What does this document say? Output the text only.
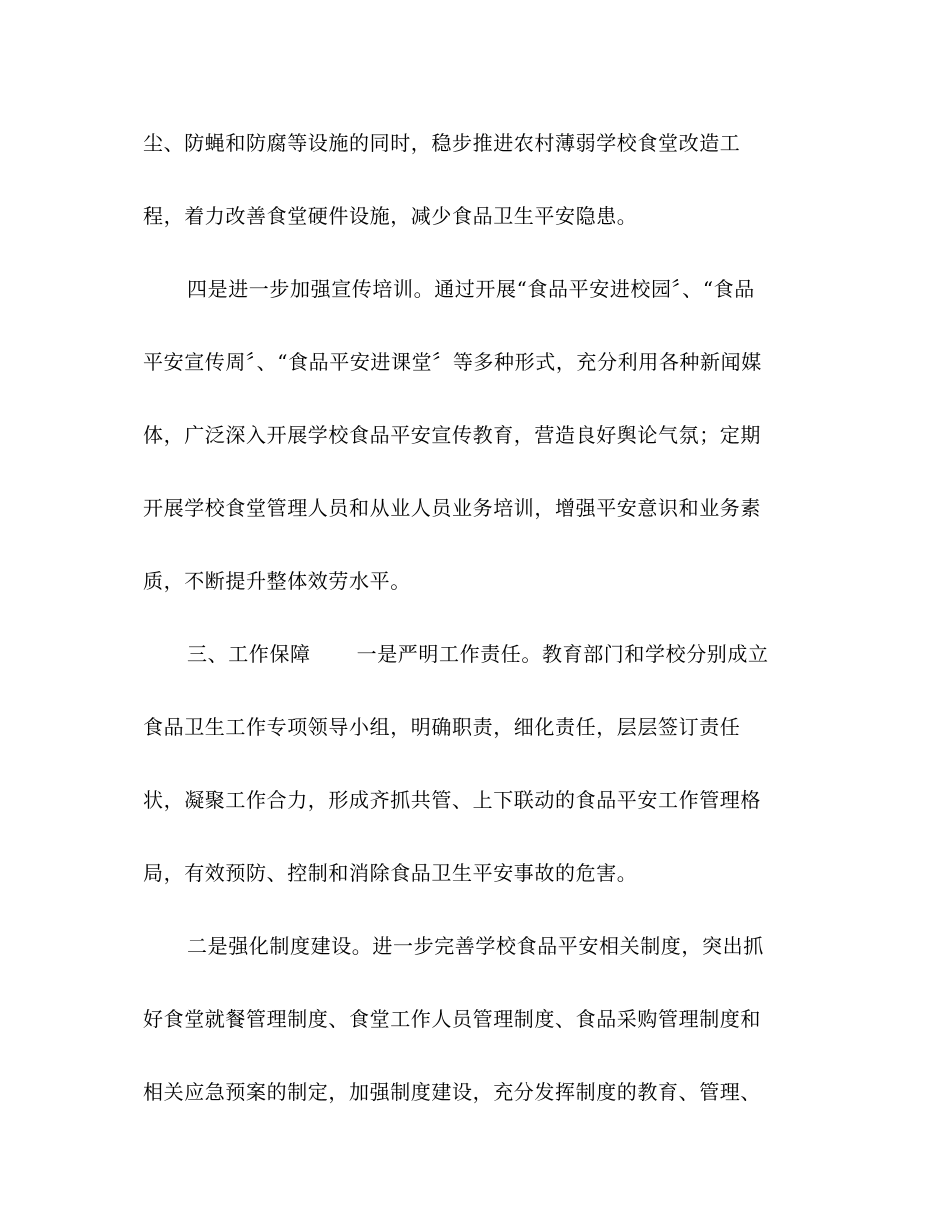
尘、防蝇和防腐等设施的同时，稳步推进农村薄弱学校食堂改造工

程，着力改善食堂硬件设施，减少食品卫生平安隐患。

四是进一步加强宣传培训。通过开展“食品平安进校园〞、“食品

平安宣传周〞、“食品平安进课堂〞等多种形式，充分利用各种新闻媒

体，广泛深入开展学校食品平安宣传教育，营造良好舆论气氛；定期

开展学校食堂管理人员和从业人员业务培训，增强平安意识和业务素

质，不断提升整体效劳水平。

三、工作保障 一是严明工作责任。教育部门和学校分别成立

食品卫生工作专项领导小组，明确职责，细化责任，层层签订责任

状，凝聚工作合力，形成齐抓共管、上下联动的食品平安工作管理格

局，有效预防、控制和消除食品卫生平安事故的危害。

二是强化制度建设。进一步完善学校食品平安相关制度，突出抓

好食堂就餐管理制度、食堂工作人员管理制度、食品采购管理制度和

相关应急预案的制定，加强制度建设，充分发挥制度的教育、管理、
